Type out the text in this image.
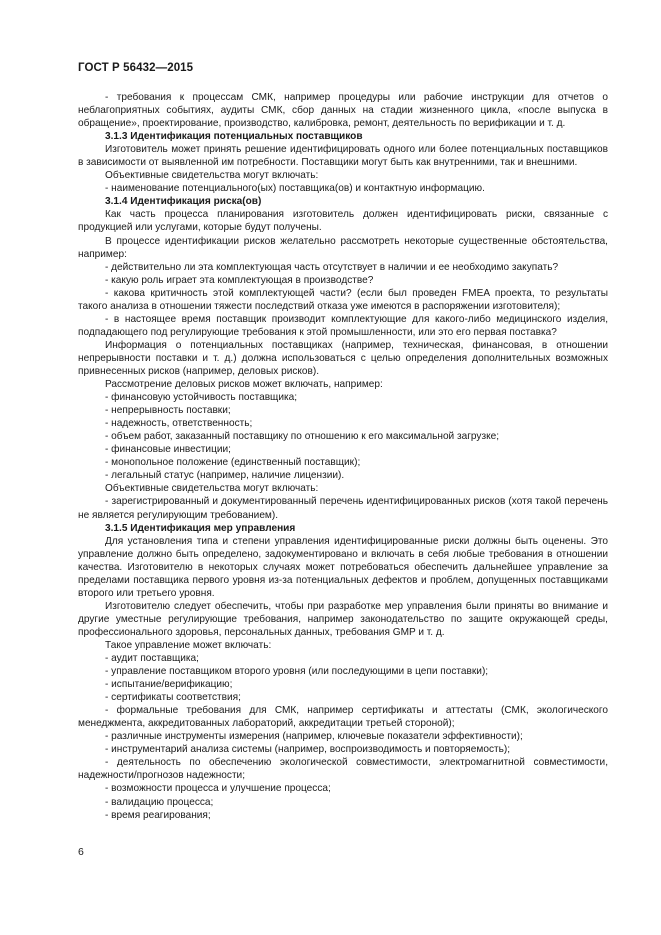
ГОСТ Р 56432—2015

- требования к процессам СМК, например процедуры или рабочие инструкции для отчетов о неблагоприятных событиях, аудиты СМК, сбор данных на стадии жизненного цикла, «после выпуска в обращение», проектирование, производство, калибровка, ремонт, деятельность по верификации и т. д.

3.1.3 Идентификация потенциальных поставщиков

Изготовитель может принять решение идентифицировать одного или более потенциальных поставщиков в зависимости от выявленной им потребности. Поставщики могут быть как внутренними, так и внешними.

Объективные свидетельства могут включать:

- наименование потенциального(ых) поставщика(ов) и контактную информацию.

3.1.4 Идентификация риска(ов)

Как часть процесса планирования изготовитель должен идентифицировать риски, связанные с продукцией или услугами, которые будут получены.

В процессе идентификации рисков желательно рассмотреть некоторые существенные обстоятельства, например:

- действительно ли эта комплектующая часть отсутствует в наличии и ее необходимо закупать?

- какую роль играет эта комплектующая в производстве?

- какова критичность этой комплектующей части? (если был проведен FMEA проекта, то результаты такого анализа в отношении тяжести последствий отказа уже имеются в распоряжении изготовителя);

- в настоящее время поставщик производит комплектующие для какого-либо медицинского изделия, подпадающего под регулирующие требования к этой промышленности, или это его первая поставка?

Информация о потенциальных поставщиках (например, техническая, финансовая, в отношении непрерывности поставки и т. д.) должна использоваться с целью определения дополнительных возможных привнесенных рисков (например, деловых рисков).

Рассмотрение деловых рисков может включать, например:

- финансовую устойчивость поставщика;

- непрерывность поставки;

- надежность, ответственность;

- объем работ, заказанный поставщику по отношению к его максимальной загрузке;

- финансовые инвестиции;

- монопольное положение (единственный поставщик);

- легальный статус (например, наличие лицензии).

Объективные свидетельства могут включать:

- зарегистрированный и документированный перечень идентифицированных рисков (хотя такой перечень не является регулирующим требованием).

3.1.5 Идентификация мер управления

Для установления типа и степени управления идентифицированные риски должны быть оценены. Это управление должно быть определено, задокументировано и включать в себя любые требования в отношении качества. Изготовителю в некоторых случаях может потребоваться обеспечить дальнейшее управление за пределами поставщика первого уровня из-за потенциальных дефектов и проблем, допущенных поставщиками второго или третьего уровня.

Изготовителю следует обеспечить, чтобы при разработке мер управления были приняты во внимание и другие уместные регулирующие требования, например законодательство по защите окружающей среды, профессионального здоровья, персональных данных, требования GMP и т. д.

Такое управление может включать:

- аудит поставщика;

- управление поставщиком второго уровня (или последующими в цепи поставки);

- испытание/верификацию;

- сертификаты соответствия;

- формальные требования для СМК, например сертификаты и аттестаты (СМК, экологического менеджмента, аккредитованных лабораторий, аккредитации третьей стороной);

- различные инструменты измерения (например, ключевые показатели эффективности);

- инструментарий анализа системы (например, воспроизводимость и повторяемость);

- деятельность по обеспечению экологической совместимости, электромагнитной совместимости, надежности/прогнозов надежности;

- возможности процесса и улучшение процесса;

- валидацию процесса;

- время реагирования;

6
